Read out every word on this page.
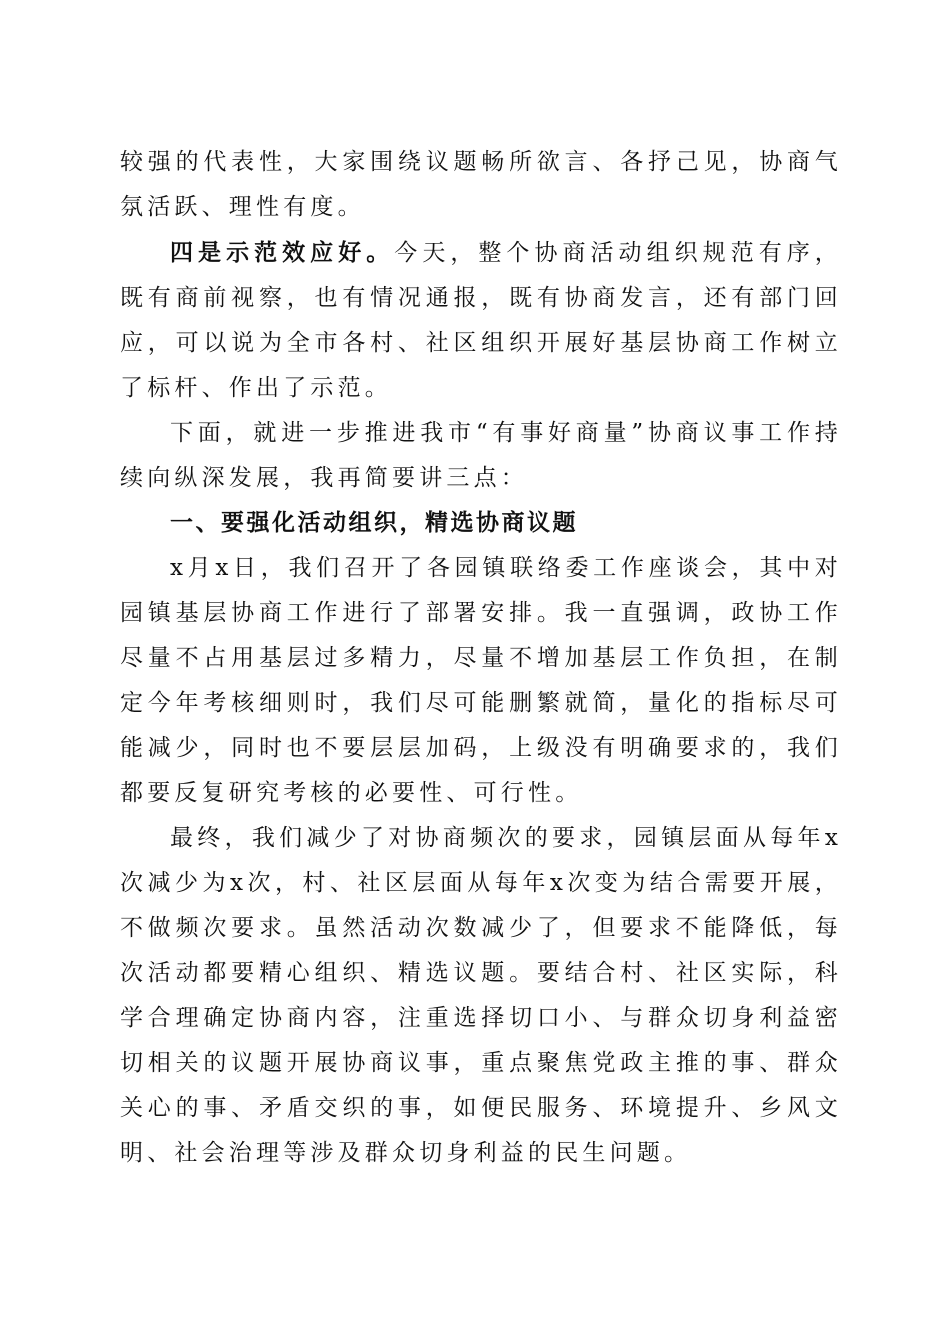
较强的代表性，大家围绕议题畅所欲言、各抒己见，协商气氛活跃、理性有度。

四是示范效应好。今天，整个协商活动组织规范有序，既有商前视察，也有情况通报，既有协商发言，还有部门回应，可以说为全市各村、社区组织开展好基层协商工作树立了标杆、作出了示范。

下面，就进一步推进我市“有事好商量”协商议事工作持续向纵深发展，我再简要讲三点：

一、要强化活动组织，精选协商议题

x月x日，我们召开了各园镇联络委工作座谈会，其中对园镇基层协商工作进行了部署安排。我一直强调，政协工作尽量不占用基层过多精力，尽量不增加基层工作负担，在制定今年考核细则时，我们尽可能删繁就简，量化的指标尽可能减少，同时也不要层层加码，上级没有明确要求的，我们都要反复研究考核的必要性、可行性。

最终，我们减少了对协商频次的要求，园镇层面从每年x次减少为x次，村、社区层面从每年x次变为结合需要开展，不做频次要求。虽然活动次数减少了，但要求不能降低，每次活动都要精心组织、精选议题。要结合村、社区实际，科学合理确定协商内容，注重选择切口小、与群众切身利益密切相关的议题开展协商议事，重点聚焦党政主推的事、群众关心的事、矛盾交织的事，如便民服务、环境提升、乡风文明、社会治理等涉及群众切身利益的民生问题。
